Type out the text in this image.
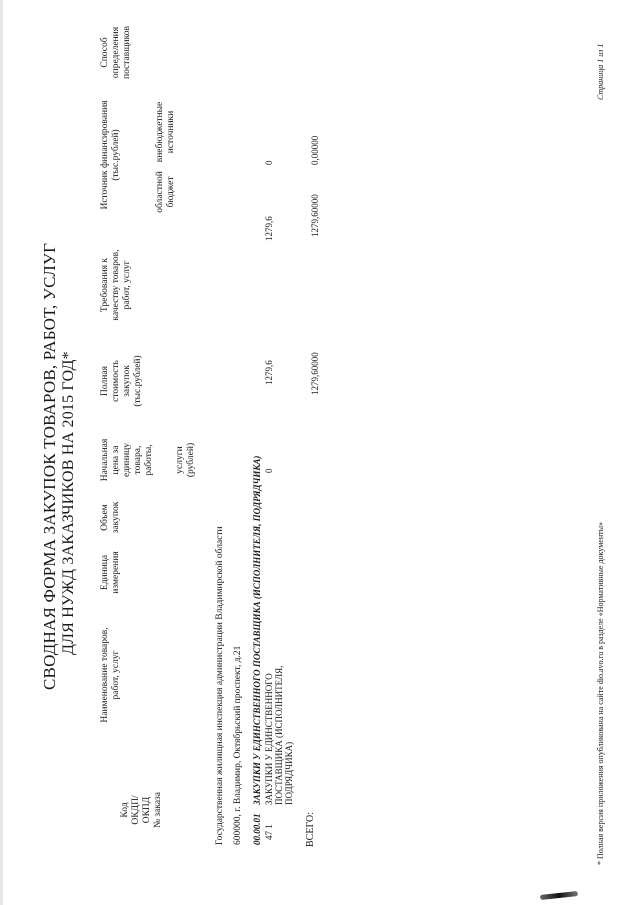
СВОДНАЯ ФОРМА ЗАКУПОК ТОВАРОВ, РАБОТ, УСЛУГ ДЛЯ НУЖД ЗАКАЗЧИКОВ НА 2015 ГОД*
Код ОКДП/ ОКПД № заказа
Наименование товаров, работ, услуг
Единица измерения
Объем закупок
Начальная цена за единицу товара, работы, услуги (рублей)
Полная стоимость закупок (тыс.рублей)
Требования к качеству товаров, работ, услуг
Источник финансирования (тыс.рублей)
областной бюджет
внебюджетные источники
Способ определения поставщиков
Государственная жилищная инспекция администрации Владимирской области 600000, г. Владимир, Октябрьский проспект, д.21 00.00.01
ЗАКУПКИ У ЕДИНСТВЕННОГО ПОСТАВЩИКА (ИСПОЛНИТЕЛЯ, ПОДРЯДЧИКА)
47 1
ЗАКУПКИ У ЕДИНСТВЕННОГО ПОСТАВЩИКА (ИСПОЛНИТЕЛЯ, ПОДРЯДЧИКА)
0
1279,6
1279,6
0
ВСЕГО:
1279,60000
1279,60000
0,00000
* Полная версия приложения опубликована на сайте dio.avo.ru в разделе «Нормативные документы»
Страница 1 из 1
